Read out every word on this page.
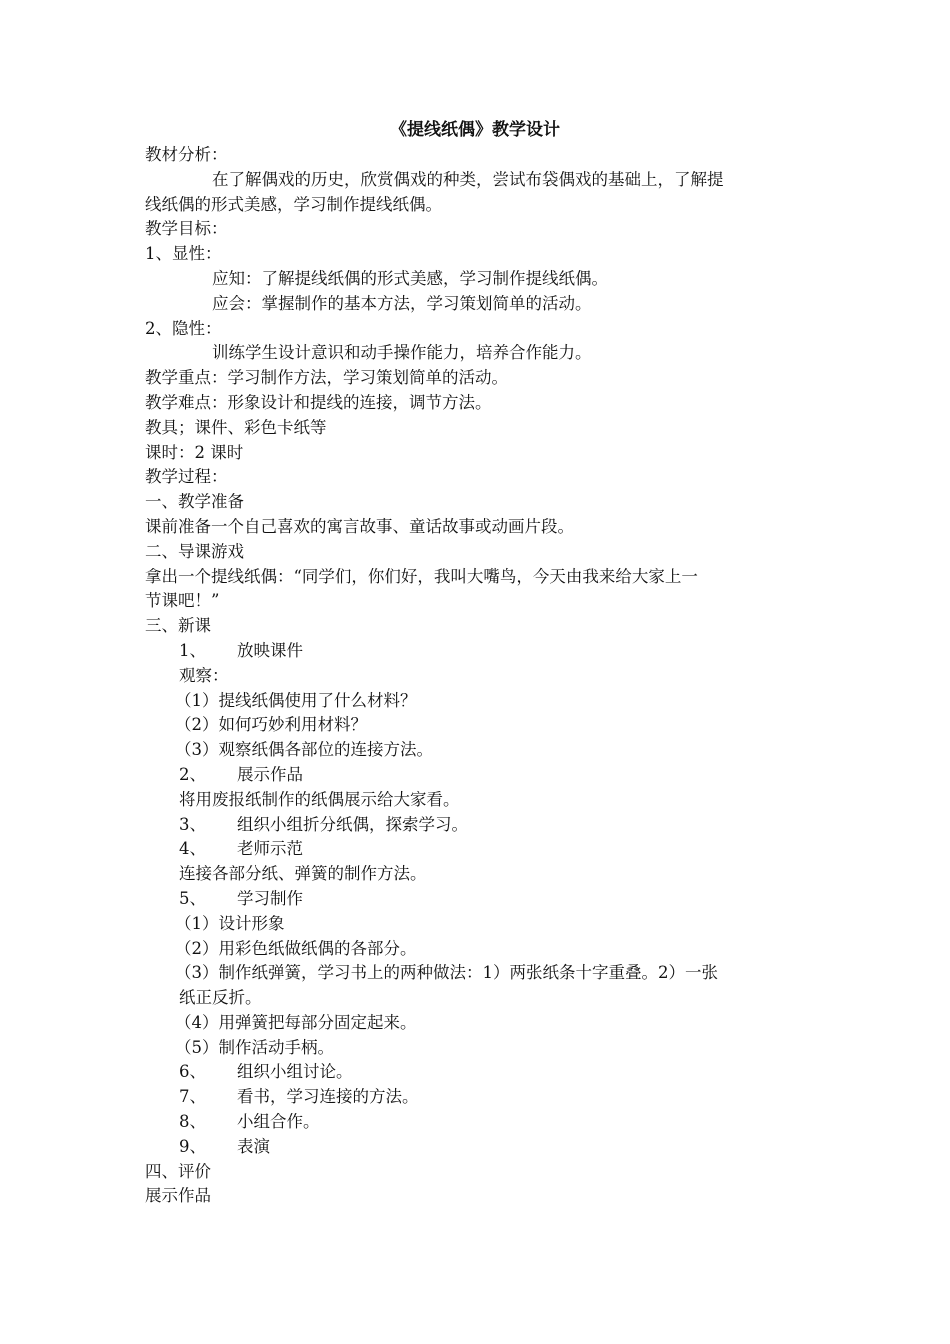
《提线纸偶》教学设计
教材分析：
在了解偶戏的历史，欣赏偶戏的种类，尝试布袋偶戏的基础上，了解提
线纸偶的形式美感，学习制作提线纸偶。
教学目标：
1、显性：
应知：了解提线纸偶的形式美感，学习制作提线纸偶。
应会：掌握制作的基本方法，学习策划简单的活动。
2、隐性：
训练学生设计意识和动手操作能力，培养合作能力。
教学重点：学习制作方法，学习策划简单的活动。
教学难点：形象设计和提线的连接，调节方法。
教具；课件、彩色卡纸等
课时：2 课时
教学过程：
一、教学准备
课前准备一个自己喜欢的寓言故事、童话故事或动画片段。
二、导课游戏
拿出一个提线纸偶：“同学们，你们好，我叫大嘴鸟，今天由我来给大家上一
节课吧！”
三、新课
1、 放映课件
观察：
（1）提线纸偶使用了什么材料？
（2）如何巧妙利用材料？
（3）观察纸偶各部位的连接方法。
2、 展示作品
将用废报纸制作的纸偶展示给大家看。
3、 组织小组折分纸偶，探索学习。
4、 老师示范
连接各部分纸、弹簧的制作方法。
5、 学习制作
（1）设计形象
（2）用彩色纸做纸偶的各部分。
（3）制作纸弹簧，学习书上的两种做法：1）两张纸条十字重叠。2）一张
纸正反折。
（4）用弹簧把每部分固定起来。
（5）制作活动手柄。
6、 组织小组讨论。
7、 看书，学习连接的方法。
8、 小组合作。
9、 表演
四、评价
展示作品
